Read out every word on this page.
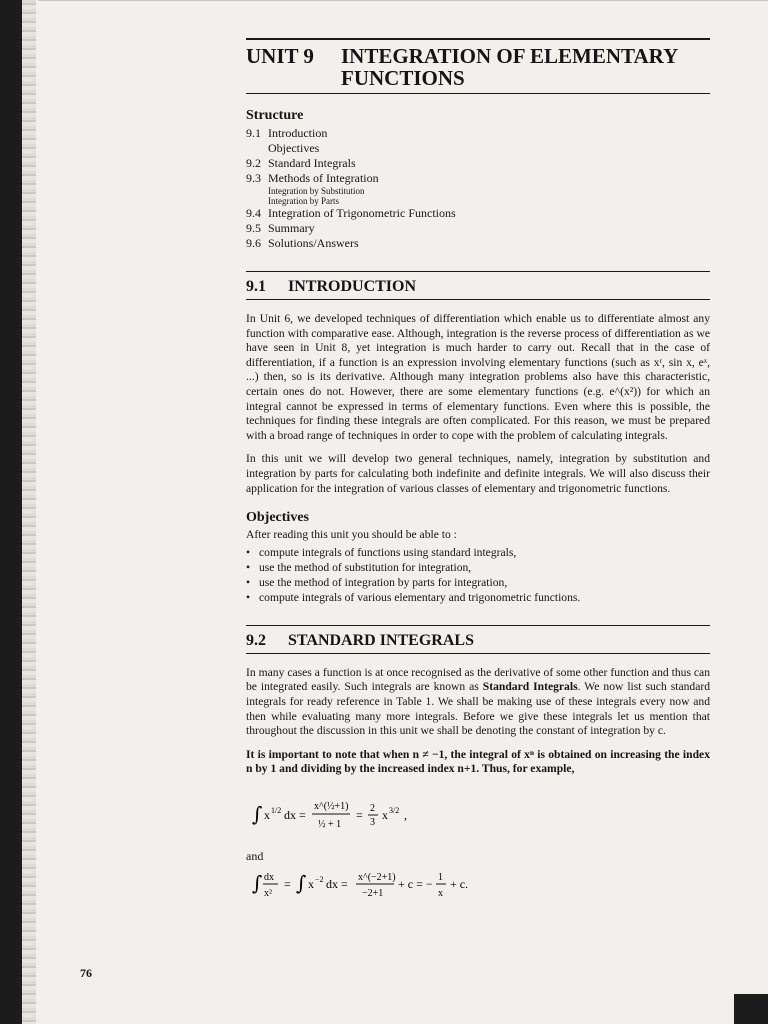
UNIT 9	INTEGRATION OF ELEMENTARY
FUNCTIONS
Structure
9.1 Introduction
Objectives
9.2 Standard Integrals
9.3 Methods of Integration
Integration by Substitution
Integration by Parts
9.4 Integration of Trigonometric Functions
9.5 Summary
9.6 Solutions/Answers
9.1	INTRODUCTION

In Unit 6, we developed techniques of differentiation which enable us to differentiate almost any function with comparative ease. Although, integration is the reverse process of differentiation as we have seen in Unit 8, yet integration is much harder to carry out. Recall that in the case of differentiation, if a function is an expression involving elementary functions (such as xʳ, sin x, eˣ, ...) then, so is its derivative. Although many integration problems also have this characteristic, certain ones do not. However, there are some elementary functions (e.g. e^(x²)) for which an integral cannot be expressed in terms of elementary functions. Even where this is possible, the techniques for finding these integrals are often complicated. For this reason, we must be prepared with a broad range of techniques in order to cope with the problem of calculating integrals.

In this unit we will develop two general techniques, namely, integration by substitution and integration by parts for calculating both indefinite and definite integrals. We will also discuss their application for the integration of various classes of elementary and trigonometric functions.

Objectives

After reading this unit you should be able to :

• compute integrals of functions using standard integrals,
• use the method of substitution for integration,
• use the method of integration by parts for integration,
• compute integrals of various elementary and trigonometric functions.
9.2	STANDARD INTEGRALS

In many cases a function is at once recognised as the derivative of some other function and thus can be integrated easily. Such integrals are known as Standard Integrals. We now list such standard integrals for ready reference in Table 1. We shall be making use of these integrals every now and then while evaluating many more integrals. Before we give these integrals let us mention that throughout the discussion in this unit we shall be denoting the constant of integration by c.

It is important to note that when n ≠ −1, the integral of xⁿ is obtained on increasing the index n by 1 and dividing by the increased index n+1. Thus, for example,

∫ x 1/2 dx =
x^(½+1)
½ + 1
= 2
3
x 3/2 ,
and
∫ dx
x²
= ∫ x −2 dx = x^(−2+1)
−2+1
+ c = − 1
x
+ c.
76
